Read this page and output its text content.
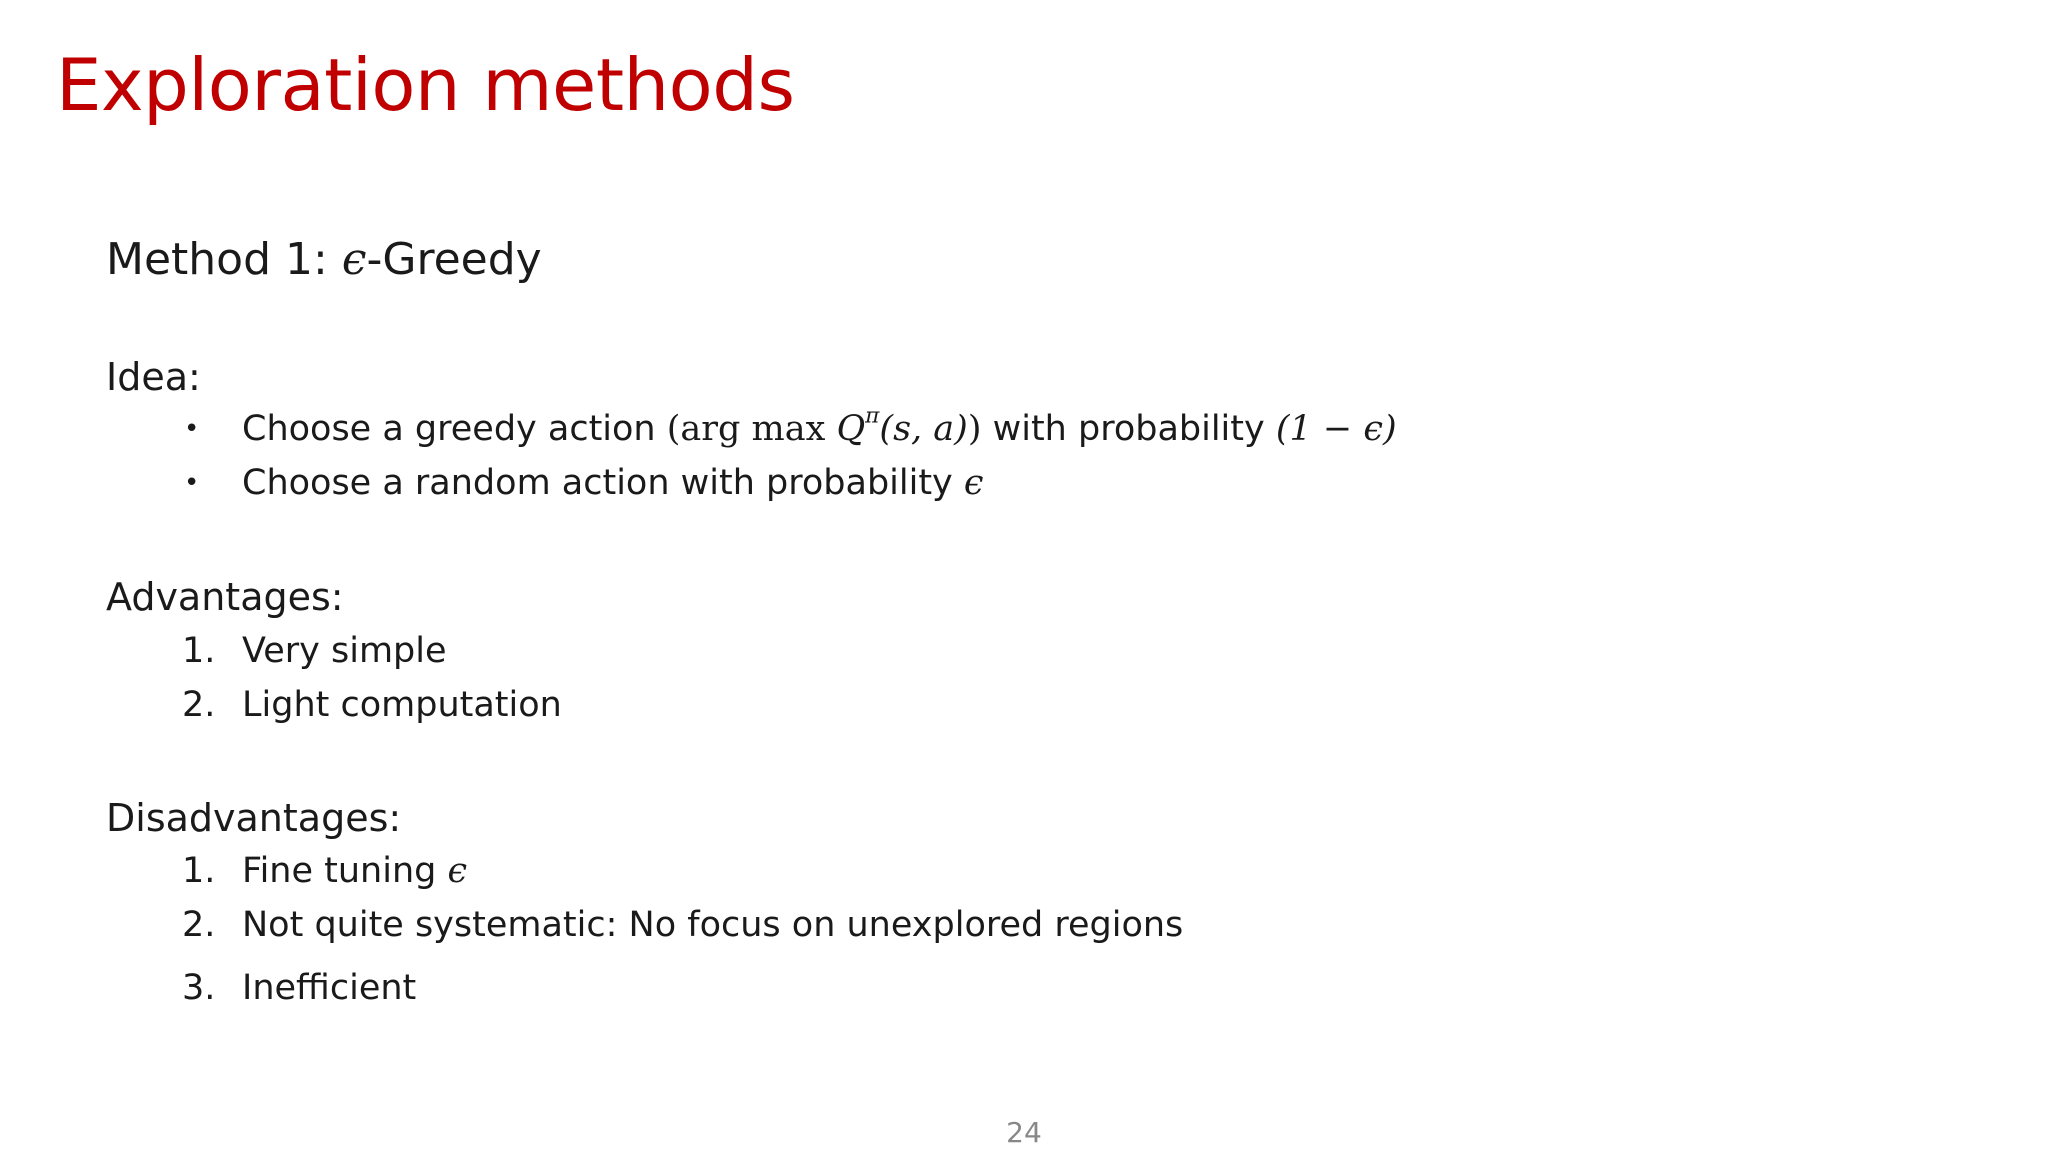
Exploration methods
Method 1: ϵ-Greedy
Idea:
•	Choose a greedy action (arg $\max Q^\pi(s$, a)) with probability (1 − ϵ)
•	Choose a random action with probability ϵ
Advantages:
1. Very simple
2. Light computation
Disadvantages:
1. Fine tuning ϵ
2. Not quite systematic: No focus on unexplored regions
3. Inefficient
24
